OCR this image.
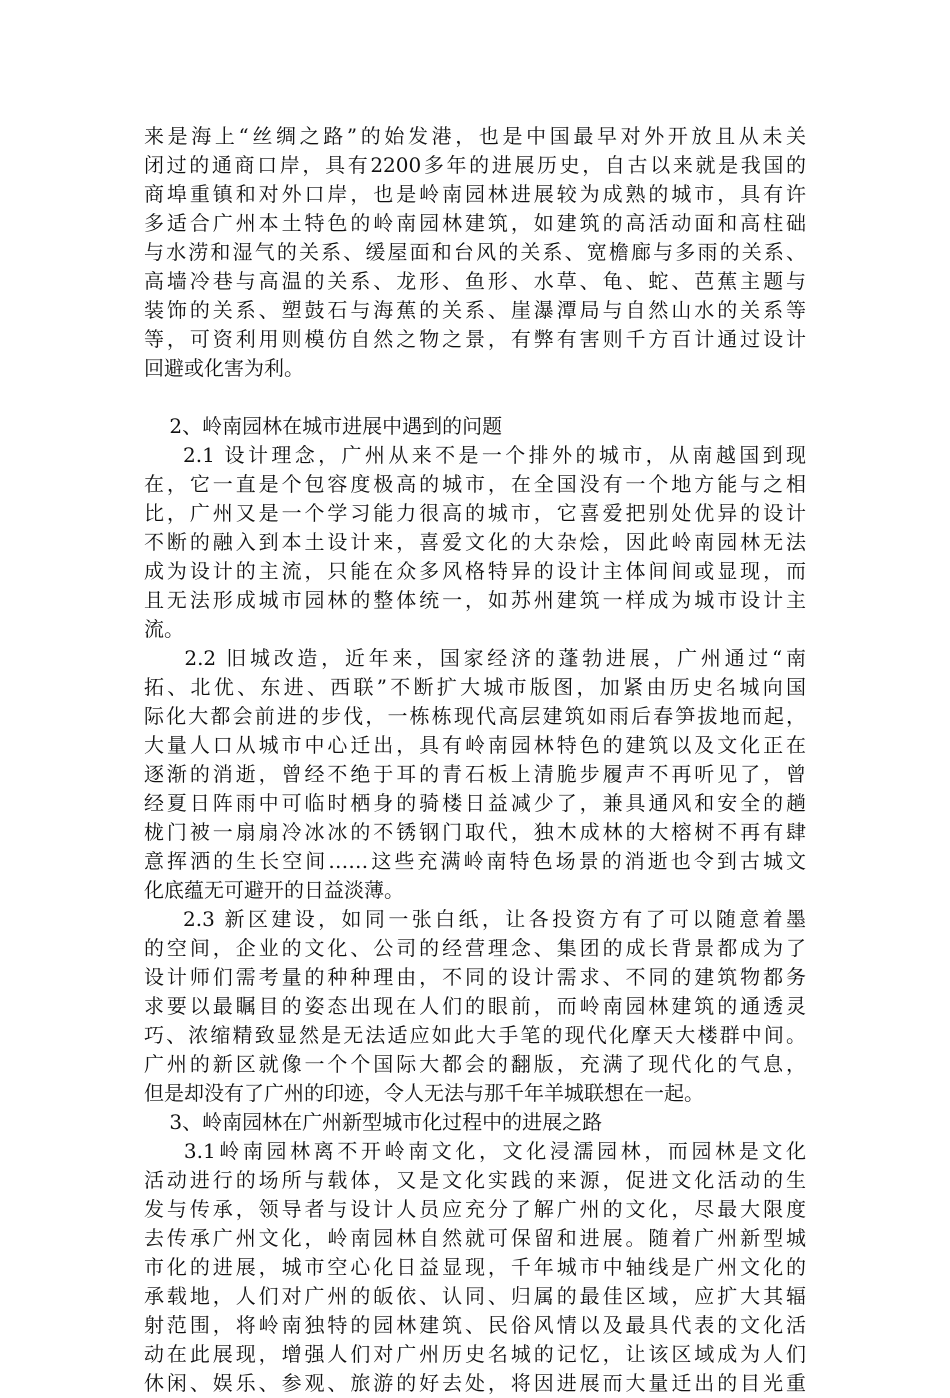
来是海上“丝绸之路”的始发港，也是中国最早对外开放且从未关
闭过的通商口岸，具有2200多年的进展历史，自古以来就是我国的
商埠重镇和对外口岸，也是岭南园林进展较为成熟的城市，具有许
多适合广州本土特色的岭南园林建筑，如建筑的高活动面和高柱础
与水涝和湿气的关系、缓屋面和台风的关系、宽檐廊与多雨的关系、
高墙冷巷与高温的关系、龙形、鱼形、水草、龟、蛇、芭蕉主题与
装饰的关系、塑鼓石与海蕉的关系、崖瀑潭局与自然山水的关系等
等，可资利用则模仿自然之物之景，有弊有害则千方百计通过设计
回避或化害为利。
2、岭南园林在城市进展中遇到的问题
2.1 设计理念，广州从来不是一个排外的城市，从南越国到现
在，它一直是个包容度极高的城市，在全国没有一个地方能与之相
比，广州又是一个学习能力很高的城市，它喜爱把别处优异的设计
不断的融入到本土设计来，喜爱文化的大杂烩，因此岭南园林无法
成为设计的主流，只能在众多风格特异的设计主体间间或显现，而
且无法形成城市园林的整体统一，如苏州建筑一样成为城市设计主
流。
2.2 旧城改造，近年来，国家经济的蓬勃进展，广州通过“南
拓、北优、东进、西联”不断扩大城市版图，加紧由历史名城向国
际化大都会前进的步伐，一栋栋现代高层建筑如雨后春笋拔地而起，
大量人口从城市中心迁出，具有岭南园林特色的建筑以及文化正在
逐渐的消逝，曾经不绝于耳的青石板上清脆步履声不再听见了，曾
经夏日阵雨中可临时栖身的骑楼日益减少了，兼具通风和安全的趟
栊门被一扇扇冷冰冰的不锈钢门取代，独木成林的大榕树不再有肆
意挥洒的生长空间……这些充满岭南特色场景的消逝也令到古城文
化底蕴无可避开的日益淡薄。
2.3 新区建设，如同一张白纸，让各投资方有了可以随意着墨
的空间，企业的文化、公司的经营理念、集团的成长背景都成为了
设计师们需考量的种种理由，不同的设计需求、不同的建筑物都务
求要以最瞩目的姿态出现在人们的眼前，而岭南园林建筑的通透灵
巧、浓缩精致显然是无法适应如此大手笔的现代化摩天大楼群中间。
广州的新区就像一个个国际大都会的翻版，充满了现代化的气息，
但是却没有了广州的印迹，令人无法与那千年羊城联想在一起。
3、岭南园林在广州新型城市化过程中的进展之路
3.1岭南园林离不开岭南文化，文化浸濡园林，而园林是文化
活动进行的场所与载体，又是文化实践的来源，促进文化活动的生
发与传承，领导者与设计人员应充分了解广州的文化，尽最大限度
去传承广州文化，岭南园林自然就可保留和进展。随着广州新型城
市化的进展，城市空心化日益显现，千年城市中轴线是广州文化的
承载地，人们对广州的皈依、认同、归属的最佳区域，应扩大其辐
射范围，将岭南独特的园林建筑、民俗风情以及最具代表的文化活
动在此展现，增强人们对广州历史名城的记忆，让该区域成为人们
休闲、娱乐、参观、旅游的好去处，将因进展而大量迁出的目光重
